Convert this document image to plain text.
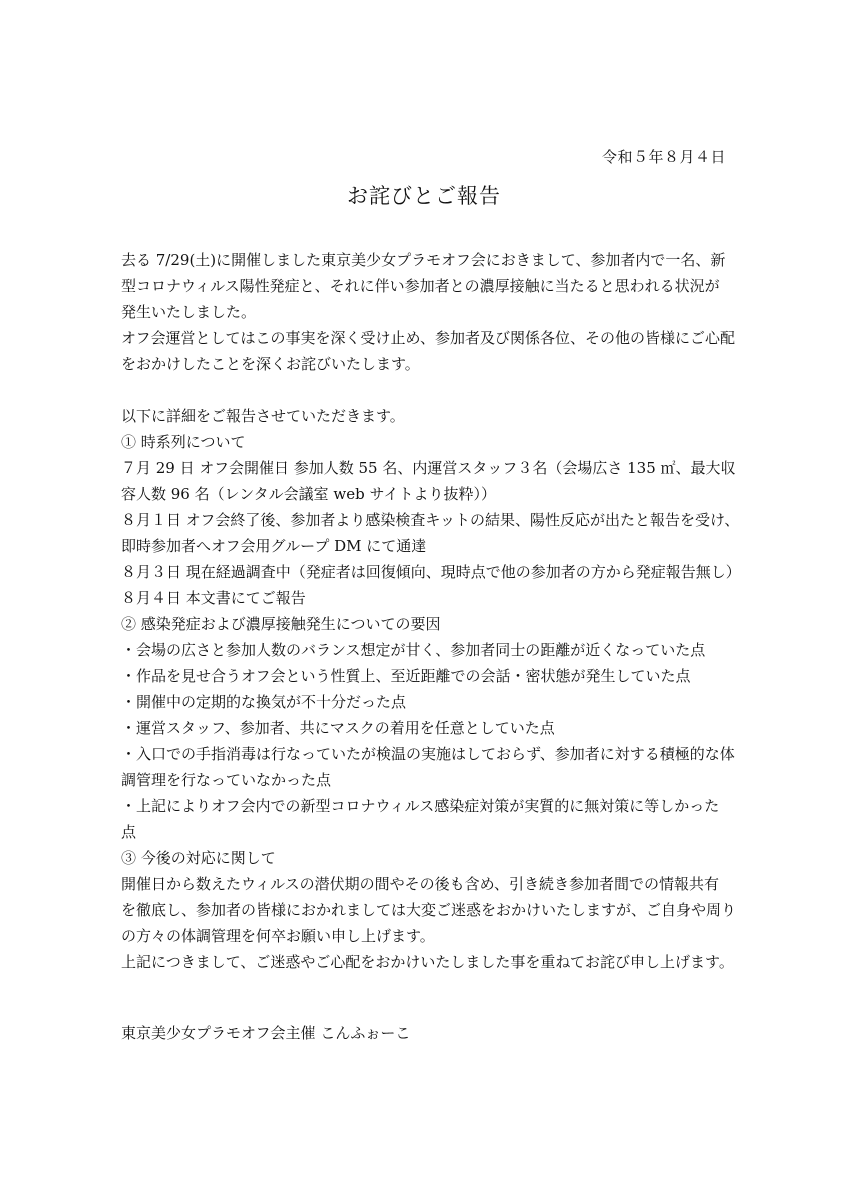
令和５年８月４日
お詫びとご報告
去る 7/29(土)に開催しました東京美少女プラモオフ会におきまして、参加者内で一名、新
型コロナウィルス陽性発症と、それに伴い参加者との濃厚接触に当たると思われる状況が
発生いたしました。
オフ会運営としてはこの事実を深く受け止め、参加者及び関係各位、その他の皆様にご心配
をおかけしたことを深くお詫びいたします。
以下に詳細をご報告させていただきます。
① 時系列について
７月 29 日 オフ会開催日 参加人数 55 名、内運営スタッフ３名（会場広さ 135 ㎡、最大収
容人数 96 名（レンタル会議室 web サイトより抜粋））
８月１日 オフ会終了後、参加者より感染検査キットの結果、陽性反応が出たと報告を受け、
即時参加者へオフ会用グループ DM にて通達
８月３日 現在経過調査中（発症者は回復傾向、現時点で他の参加者の方から発症報告無し）
８月４日 本文書にてご報告
② 感染発症および濃厚接触発生についての要因
・会場の広さと参加人数のバランス想定が甘く、参加者同士の距離が近くなっていた点
・作品を見せ合うオフ会という性質上、至近距離での会話・密状態が発生していた点
・開催中の定期的な換気が不十分だった点
・運営スタッフ、参加者、共にマスクの着用を任意としていた点
・入口での手指消毒は行なっていたが検温の実施はしておらず、参加者に対する積極的な体
調管理を行なっていなかった点
・上記によりオフ会内での新型コロナウィルス感染症対策が実質的に無対策に等しかった
点
③ 今後の対応に関して
開催日から数えたウィルスの潜伏期の間やその後も含め、引き続き参加者間での情報共有
を徹底し、参加者の皆様におかれましては大変ご迷惑をおかけいたしますが、ご自身や周り
の方々の体調管理を何卒お願い申し上げます。
上記につきまして、ご迷惑やご心配をおかけいたしました事を重ねてお詫び申し上げます。
東京美少女プラモオフ会主催 こんふぉーこ
